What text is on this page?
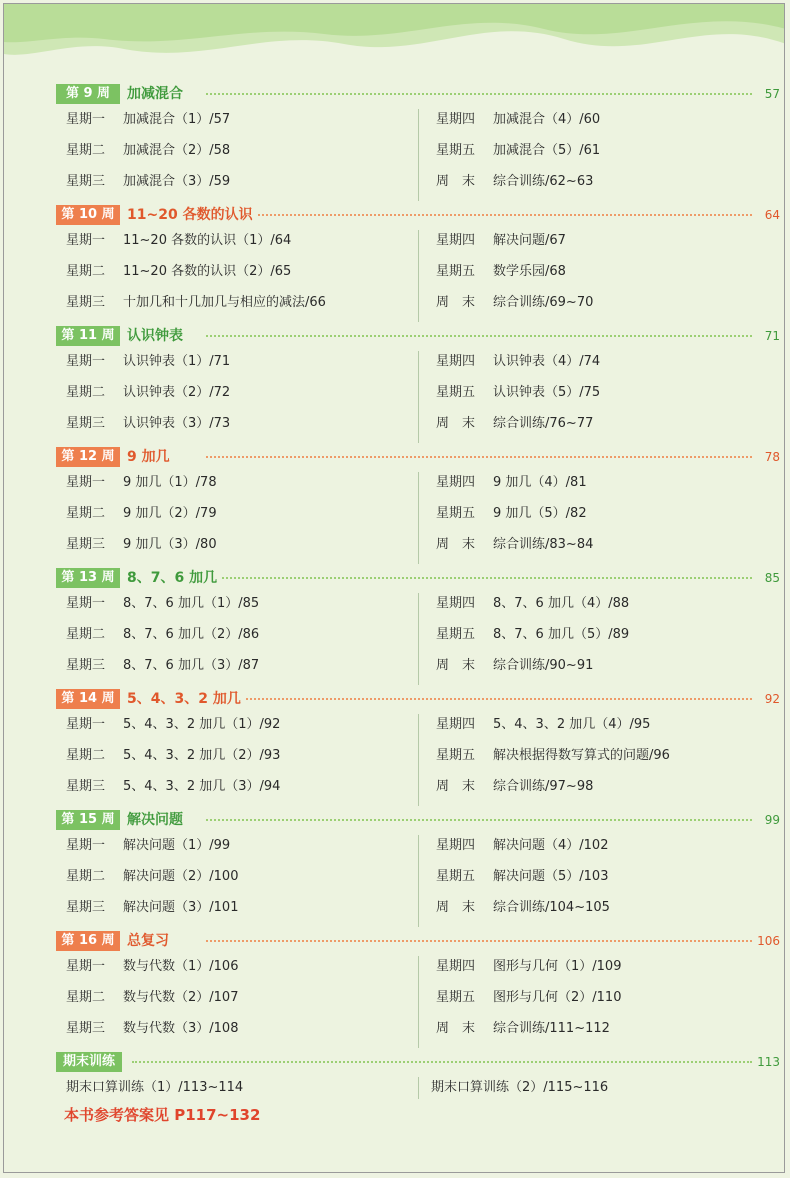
第 9 周	加减混合	57
星期一 加减混合（1）/57
星期二 加减混合（2）/58
星期三 加减混合（3）/59
星期四 加减混合（4）/60
星期五 加减混合（5）/61
周　末 综合训练/62~63
第 10 周 11~20 各数的认识	64
星期一 11~20 各数的认识（1）/64
星期二 11~20 各数的认识（2）/65
星期三 十加几和十几加几与相应的减法/66
星期四 解决问题/67
星期五 数学乐园/68
周　末 综合训练/69~70
第 11 周 认识钟表	71
星期一 认识钟表（1）/71
星期二 认识钟表（2）/72
星期三 认识钟表（3）/73
星期四 认识钟表（4）/74
星期五 认识钟表（5）/75
周　末 综合训练/76~77
第 12 周 9 加几	78
星期一 9 加几（1）/78
星期二 9 加几（2）/79
星期三 9 加几（3）/80
星期四 9 加几（4）/81
星期五 9 加几（5）/82
周　末 综合训练/83~84
第 13 周 8、7、6 加几	85
星期一 8、7、6 加几（1）/85
星期二 8、7、6 加几（2）/86
星期三 8、7、6 加几（3）/87
星期四 8、7、6 加几（4）/88
星期五 8、7、6 加几（5）/89
周　末 综合训练/90~91
第 14 周 5、4、3、2 加几	92
星期一 5、4、3、2 加几（1）/92
星期二 5、4、3、2 加几（2）/93
星期三 5、4、3、2 加几（3）/94
星期四 5、4、3、2 加几（4）/95
星期五 解决根据得数写算式的问题/96
周　末 综合训练/97~98
第 15 周 解决问题	99
星期一 解决问题（1）/99
星期二 解决问题（2）/100
星期三 解决问题（3）/101
星期四 解决问题（4）/102
星期五 解决问题（5）/103
周　末 综合训练/104~105
第 16 周 总复习	106
星期一 数与代数（1）/106
星期二 数与代数（2）/107
星期三 数与代数（3）/108
星期四 图形与几何（1）/109
星期五 图形与几何（2）/110
周　末 综合训练/111~112
期末训练	113
期末口算训练（1）/113~114	期末口算训练（2）/115~116
本书参考答案见 P117~132
